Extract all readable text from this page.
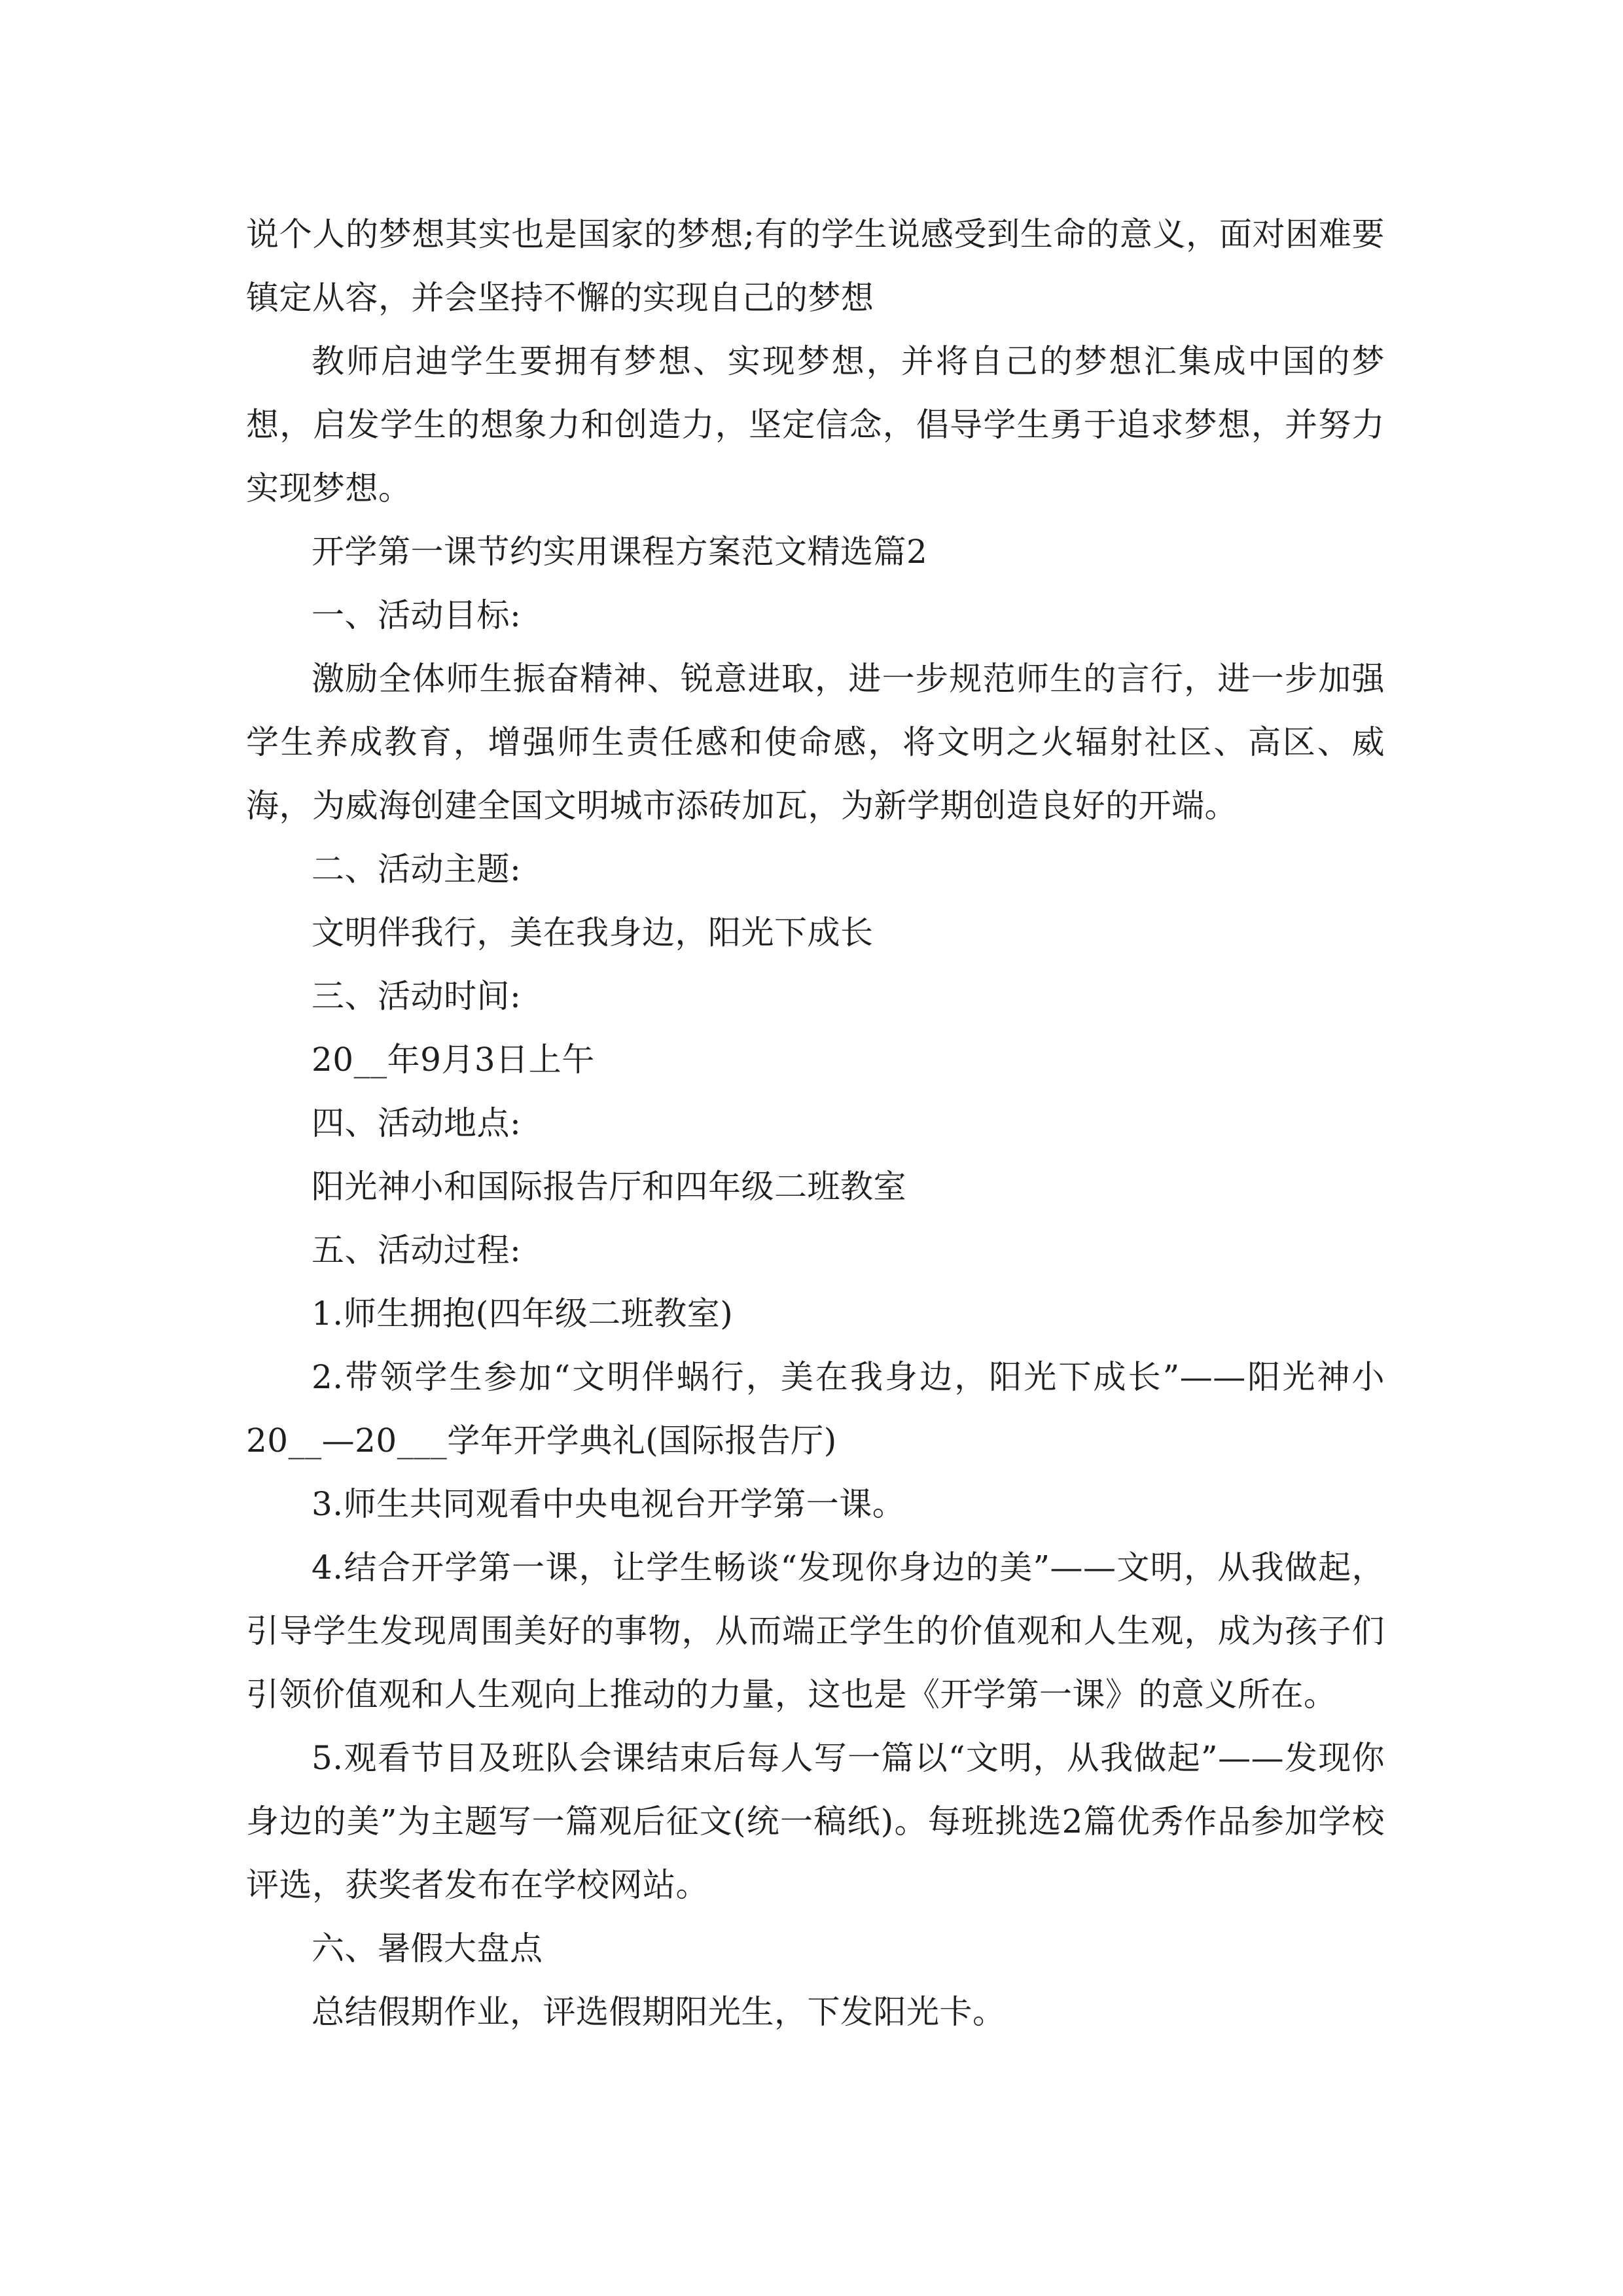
说个人的梦想其实也是国家的梦想;有的学生说感受到生命的意义，面对困难要镇定从容，并会坚持不懈的实现自己的梦想

教师启迪学生要拥有梦想、实现梦想，并将自己的梦想汇集成中国的梦想，启发学生的想象力和创造力，坚定信念，倡导学生勇于追求梦想，并努力实现梦想。

开学第一课节约实用课程方案范文精选篇2

一、活动目标:

激励全体师生振奋精神、锐意进取，进一步规范师生的言行，进一步加强学生养成教育，增强师生责任感和使命感，将文明之火辐射社区、高区、威海，为威海创建全国文明城市添砖加瓦，为新学期创造良好的开端。

二、活动主题:

文明伴我行，美在我身边，阳光下成长

三、活动时间:

20__年9月3日上午

四、活动地点:

阳光神小和国际报告厅和四年级二班教室

五、活动过程:

1.师生拥抱(四年级二班教室)

2.带领学生参加“文明伴蜗行，美在我身边，阳光下成长”——阳光神小20__—20___学年开学典礼(国际报告厅)

3.师生共同观看中央电视台开学第一课。

4.结合开学第一课，让学生畅谈“发现你身边的美”——文明，从我做起，引导学生发现周围美好的事物，从而端正学生的价值观和人生观，成为孩子们引领价值观和人生观向上推动的力量，这也是《开学第一课》的意义所在。

5.观看节目及班队会课结束后每人写一篇以“文明，从我做起”——发现你身边的美”为主题写一篇观后征文(统一稿纸)。每班挑选2篇优秀作品参加学校评选，获奖者发布在学校网站。

六、暑假大盘点

总结假期作业，评选假期阳光生，下发阳光卡。
